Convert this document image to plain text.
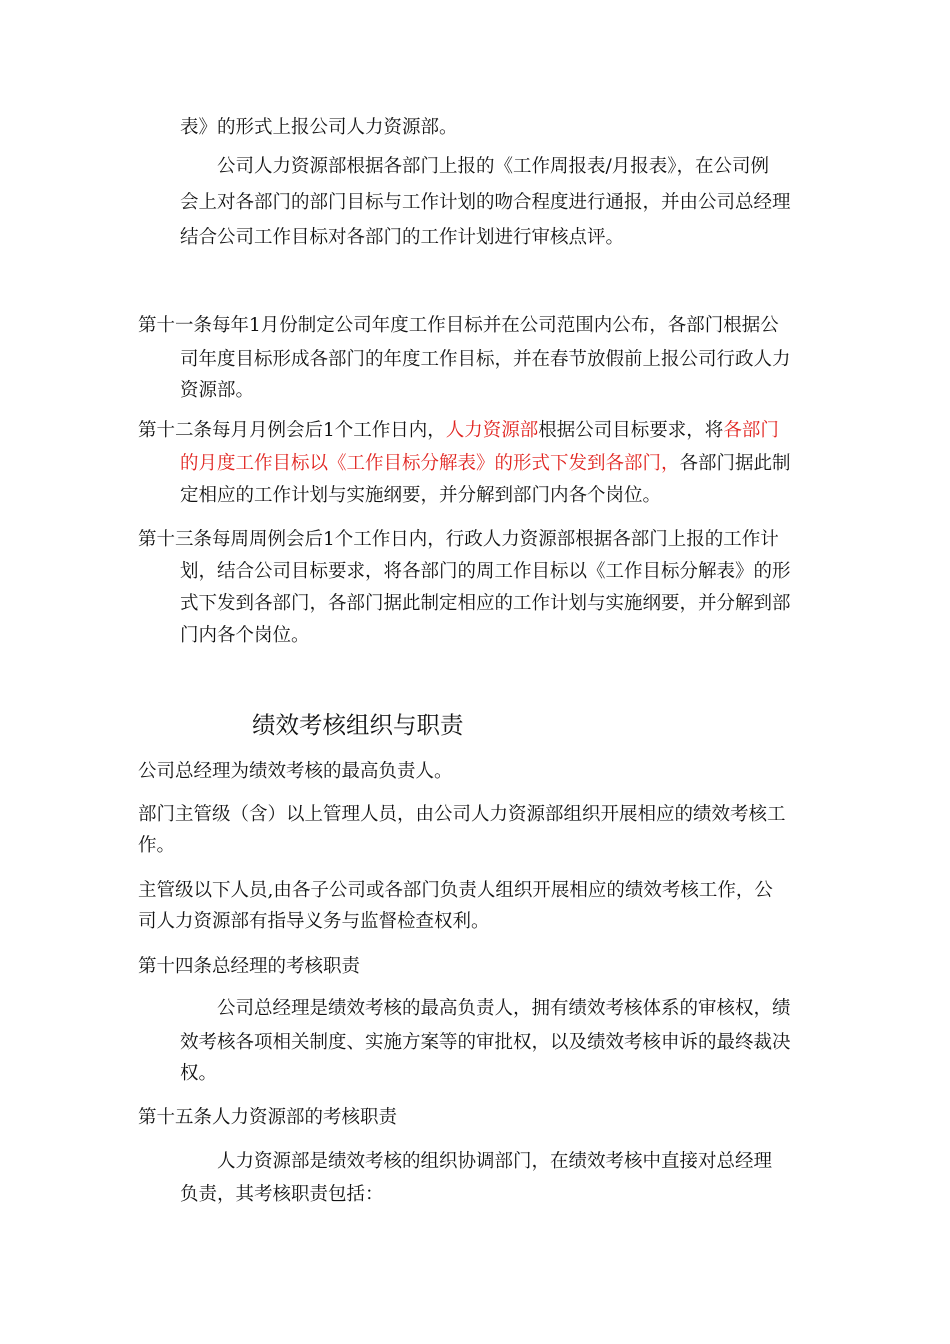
表》的形式上报公司人力资源部。
公司人力资源部根据各部门上报的《工作周报表/月报表》，在公司例
会上对各部门的部门目标与工作计划的吻合程度进行通报，并由公司总经理
结合公司工作目标对各部门的工作计划进行审核点评。
第十一条每年1月份制定公司年度工作目标并在公司范围内公布，各部门根据公
司年度目标形成各部门的年度工作目标，并在春节放假前上报公司行政人力
资源部。
第十二条每月月例会后1个工作日内，人力资源部根据公司目标要求，将各部门
的月度工作目标以《工作目标分解表》的形式下发到各部门，各部门据此制
定相应的工作计划与实施纲要，并分解到部门内各个岗位。
第十三条每周周例会后1个工作日内，行政人力资源部根据各部门上报的工作计
划，结合公司目标要求，将各部门的周工作目标以《工作目标分解表》的形
式下发到各部门，各部门据此制定相应的工作计划与实施纲要，并分解到部
门内各个岗位。
绩效考核组织与职责
公司总经理为绩效考核的最高负责人。
部门主管级（含）以上管理人员，由公司人力资源部组织开展相应的绩效考核工
作。
主管级以下人员,由各子公司或各部门负责人组织开展相应的绩效考核工作，公
司人力资源部有指导义务与监督检查权利。
第十四条总经理的考核职责
公司总经理是绩效考核的最高负责人，拥有绩效考核体系的审核权，绩
效考核各项相关制度、实施方案等的审批权，以及绩效考核申诉的最终裁决
权。
第十五条人力资源部的考核职责
人力资源部是绩效考核的组织协调部门，在绩效考核中直接对总经理
负责，其考核职责包括：
